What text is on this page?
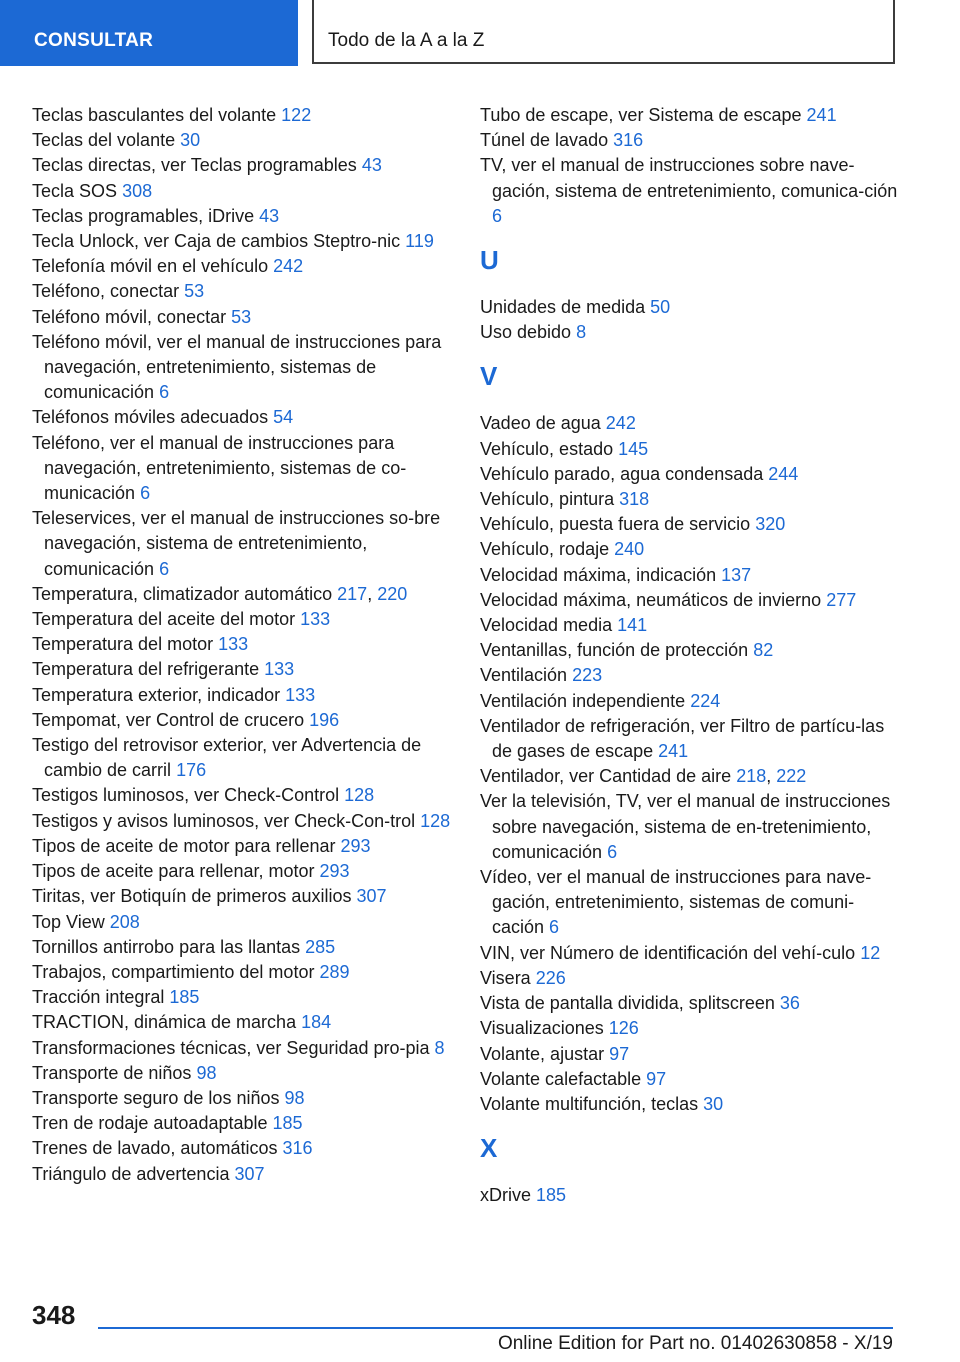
CONSULTAR	Todo de la A a la Z
Teclas basculantes del volante 122
Teclas del volante 30
Teclas directas, ver Teclas programables 43
Tecla SOS 308
Teclas programables, iDrive 43
Tecla Unlock, ver Caja de cambios Steptro-nic 119
Telefonía móvil en el vehículo 242
Teléfono, conectar 53
Teléfono móvil, conectar 53
Teléfono móvil, ver el manual de instrucciones para navegación, entretenimiento, sistemas de comunicación 6
Teléfonos móviles adecuados 54
Teléfono, ver el manual de instrucciones para navegación, entretenimiento, sistemas de co-municación 6
Teleservices, ver el manual de instrucciones so-bre navegación, sistema de entretenimiento, comunicación 6
Temperatura, climatizador automático 217, 220
Temperatura del aceite del motor 133
Temperatura del motor 133
Temperatura del refrigerante 133
Temperatura exterior, indicador 133
Tempomat, ver Control de crucero 196
Testigo del retrovisor exterior, ver Advertencia de cambio de carril 176
Testigos luminosos, ver Check-Control 128
Testigos y avisos luminosos, ver Check-Con-trol 128
Tipos de aceite de motor para rellenar 293
Tipos de aceite para rellenar, motor 293
Tiritas, ver Botiquín de primeros auxilios 307
Top View 208
Tornillos antirrobo para las llantas 285
Trabajos, compartimiento del motor 289
Tracción integral 185
TRACTION, dinámica de marcha 184
Transformaciones técnicas, ver Seguridad pro-pia 8
Transporte de niños 98
Transporte seguro de los niños 98
Tren de rodaje autoadaptable 185
Trenes de lavado, automáticos 316
Triángulo de advertencia 307
Tubo de escape, ver Sistema de escape 241
Túnel de lavado 316
TV, ver el manual de instrucciones sobre nave-gación, sistema de entretenimiento, comunica-ción 6
U
Unidades de medida 50
Uso debido 8
V
Vadeo de agua 242
Vehículo, estado 145
Vehículo parado, agua condensada 244
Vehículo, pintura 318
Vehículo, puesta fuera de servicio 320
Vehículo, rodaje 240
Velocidad máxima, indicación 137
Velocidad máxima, neumáticos de invierno 277
Velocidad media 141
Ventanillas, función de protección 82
Ventilación 223
Ventilación independiente 224
Ventilador de refrigeración, ver Filtro de partícu-las de gases de escape 241
Ventilador, ver Cantidad de aire 218, 222
Ver la televisión, TV, ver el manual de instrucciones sobre navegación, sistema de en-tretenimiento, comunicación 6
Vídeo, ver el manual de instrucciones para nave-gación, entretenimiento, sistemas de comuni-cación 6
VIN, ver Número de identificación del vehí-culo 12
Visera 226
Vista de pantalla dividida, splitscreen 36
Visualizaciones 126
Volante, ajustar 97
Volante calefactable 97
Volante multifunción, teclas 30
X
xDrive 185
348
Online Edition for Part no. 01402630858 - X/19
